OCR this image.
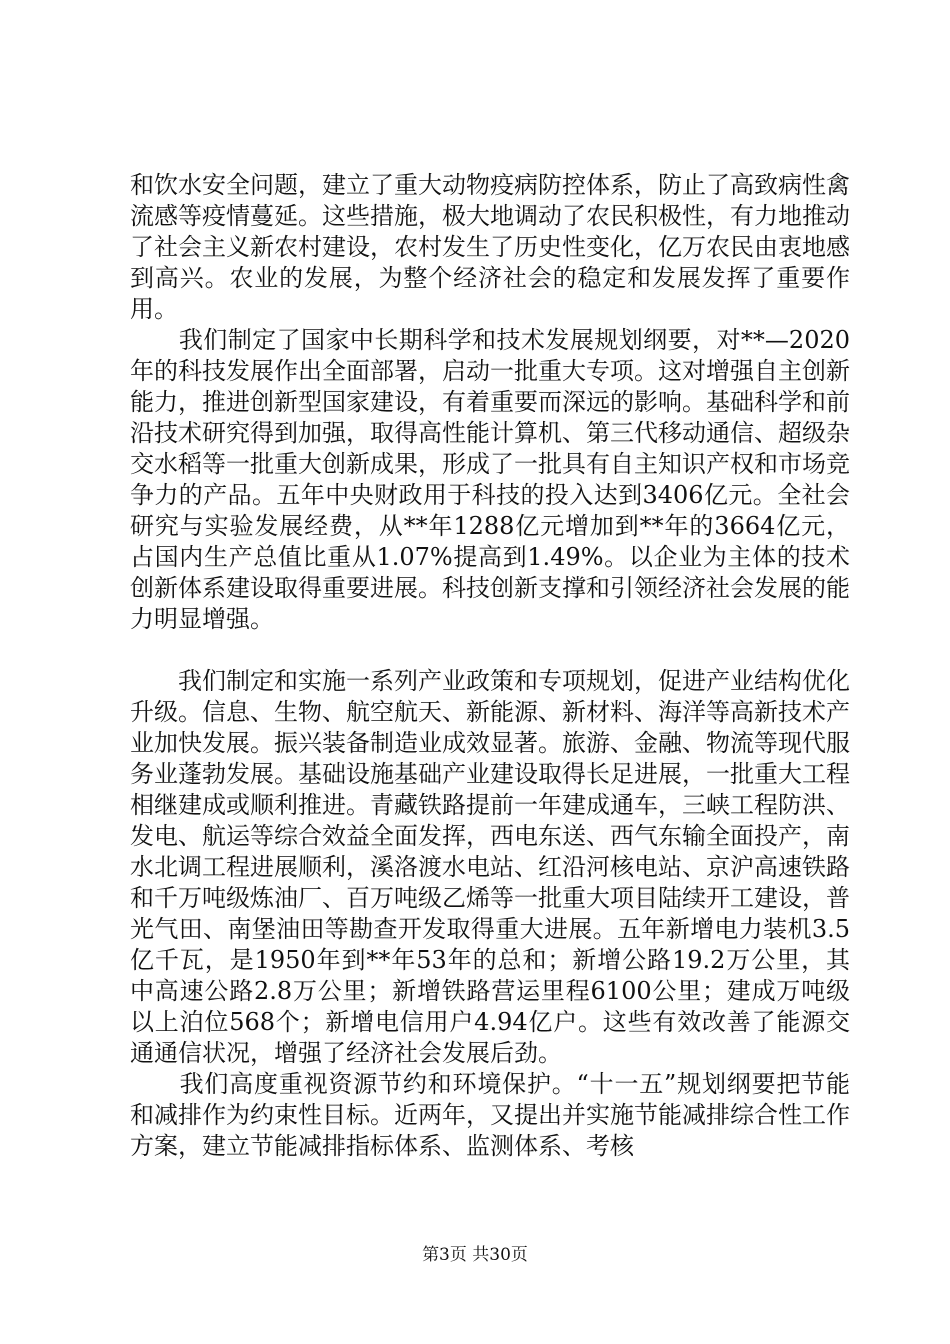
和饮水安全问题，建立了重大动物疫病防控体系，防止了高致病性禽流感等疫情蔓延。这些措施，极大地调动了农民积极性，有力地推动了社会主义新农村建设，农村发生了历史性变化，亿万农民由衷地感到高兴。农业的发展，为整个经济社会的稳定和发展发挥了重要作用。

　　我们制定了国家中长期科学和技术发展规划纲要，对**—2020年的科技发展作出全面部署，启动一批重大专项。这对增强自主创新能力，推进创新型国家建设，有着重要而深远的影响。基础科学和前沿技术研究得到加强，取得高性能计算机、第三代移动通信、超级杂交水稻等一批重大创新成果，形成了一批具有自主知识产权和市场竞争力的产品。五年中央财政用于科技的投入达到3406亿元。全社会研究与实验发展经费，从**年1288亿元增加到**年的3664亿元，占国内生产总值比重从1.07%提高到1.49%。以企业为主体的技术创新体系建设取得重要进展。科技创新支撑和引领经济社会发展的能力明显增强。

　　我们制定和实施一系列产业政策和专项规划，促进产业结构优化升级。信息、生物、航空航天、新能源、新材料、海洋等高新技术产业加快发展。振兴装备制造业成效显著。旅游、金融、物流等现代服务业蓬勃发展。基础设施基础产业建设取得长足进展，一批重大工程相继建成或顺利推进。青藏铁路提前一年建成通车，三峡工程防洪、发电、航运等综合效益全面发挥，西电东送、西气东输全面投产，南水北调工程进展顺利，溪洛渡水电站、红沿河核电站、京沪高速铁路和千万吨级炼油厂、百万吨级乙烯等一批重大项目陆续开工建设，普光气田、南堡油田等勘查开发取得重大进展。五年新增电力装机3.5亿千瓦，是1950年到**年53年的总和；新增公路19.2万公里，其中高速公路2.8万公里；新增铁路营运里程6100公里；建成万吨级以上泊位568个；新增电信用户4.94亿户。这些有效改善了能源交通通信状况，增强了经济社会发展后劲。

　　我们高度重视资源节约和环境保护。“十一五”规划纲要把节能和减排作为约束性目标。近两年，又提出并实施节能减排综合性工作方案，建立节能减排指标体系、监测体系、考核

第3页 共30页
